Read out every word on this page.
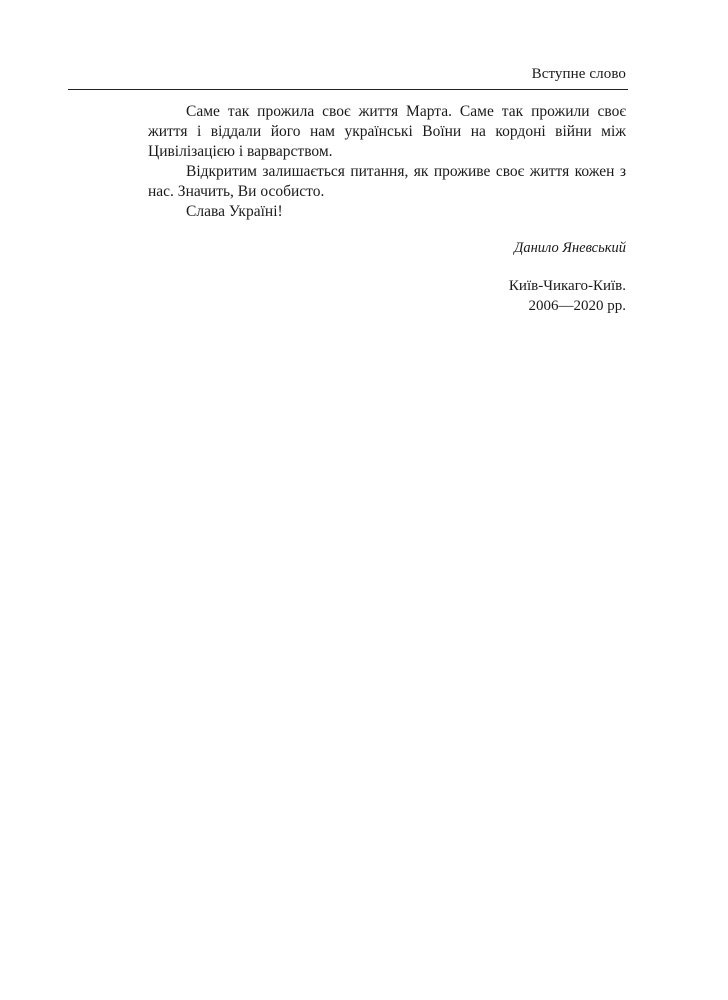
Вступне слово

Саме так прожила своє життя Марта. Саме так прожили своє життя і віддали його нам українські Воїни на кордоні війни між Цивілізацією і варварством.

Відкритим залишається питання, як проживе своє життя кожен з нас. Значить, Ви особисто.

Слава Україні!

Данило Яневський
Київ-Чикаго-Київ.
2006—2020 рр.
